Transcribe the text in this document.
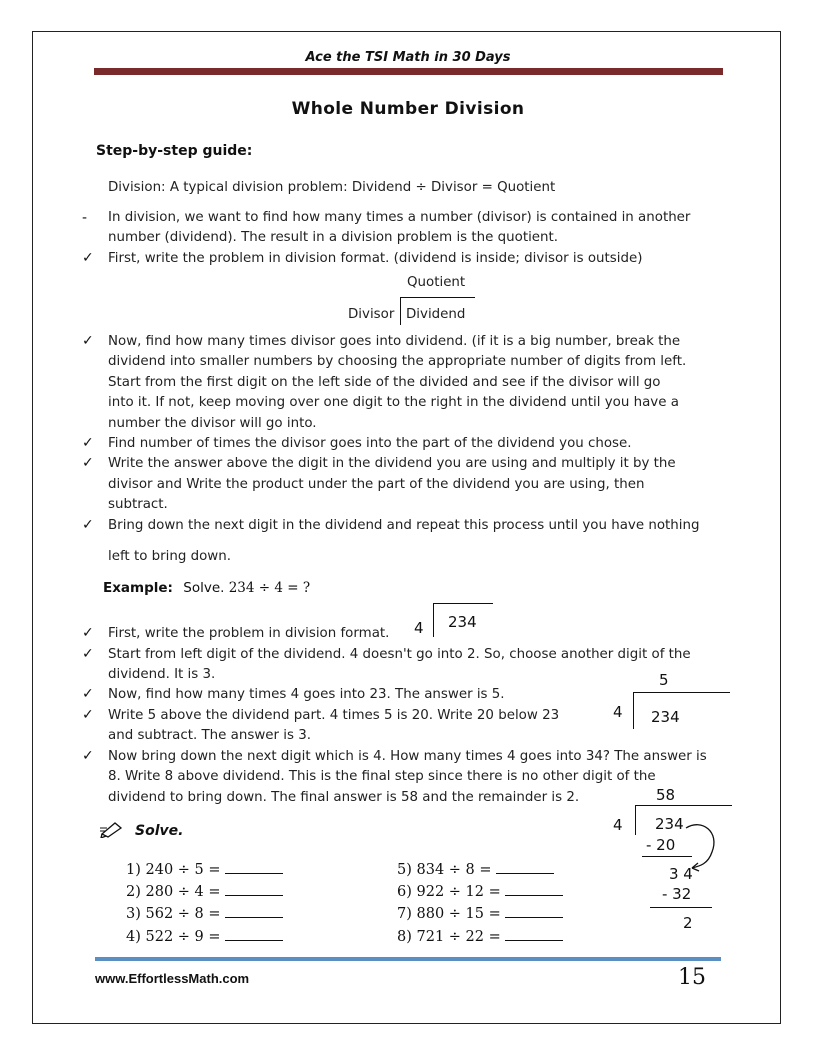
Ace the TSI Math in 30 Days
Whole Number Division
Step-by-step guide:
Division: A typical division problem: Dividend ÷ Divisor = Quotient
- In division, we want to find how many times a number (divisor) is contained in another
number (dividend). The result in a division problem is the quotient.
✓ First, write the problem in division format. (dividend is inside; divisor is outside)
Quotient
Divisor Dividend
✓ Now, find how many times divisor goes into dividend. (if it is a big number, break the
dividend into smaller numbers by choosing the appropriate number of digits from left.
Start from the first digit on the left side of the divided and see if the divisor will go
into it. If not, keep moving over one digit to the right in the dividend until you have a
number the divisor will go into.
✓ Find number of times the divisor goes into the part of the dividend you chose.
✓ Write the answer above the digit in the dividend you are using and multiply it by the
divisor and Write the product under the part of the dividend you are using, then
subtract.
✓ Bring down the next digit in the dividend and repeat this process until you have nothing
left to bring down.
Example: Solve. 234 ÷ 4 = ?
4 234
✓ First, write the problem in division format.
✓ Start from left digit of the dividend. 4 doesn't go into 2. So, choose another digit of the
dividend. It is 3.
✓ Now, find how many times 4 goes into 23. The answer is 5.
✓ Write 5 above the dividend part. 4 times 5 is 20. Write 20 below 23
and subtract. The answer is 3.
5
4 234
✓ Now bring down the next digit which is 4. How many times 4 goes into 34? The answer is
8. Write 8 above dividend. This is the final step since there is no other digit of the
dividend to bring down. The final answer is 58 and the remainder is 2.	58
4 234
- 20
3 4
- 32
2
Solve.
1) 240 ÷ 5 =
2) 280 ÷ 4 =
3) 562 ÷ 8 =
4) 522 ÷ 9 =
5) 834 ÷ 8 =
6) 922 ÷ 12 =
7) 880 ÷ 15 =
8) 721 ÷ 22 =
www.EffortlessMath.com	15
